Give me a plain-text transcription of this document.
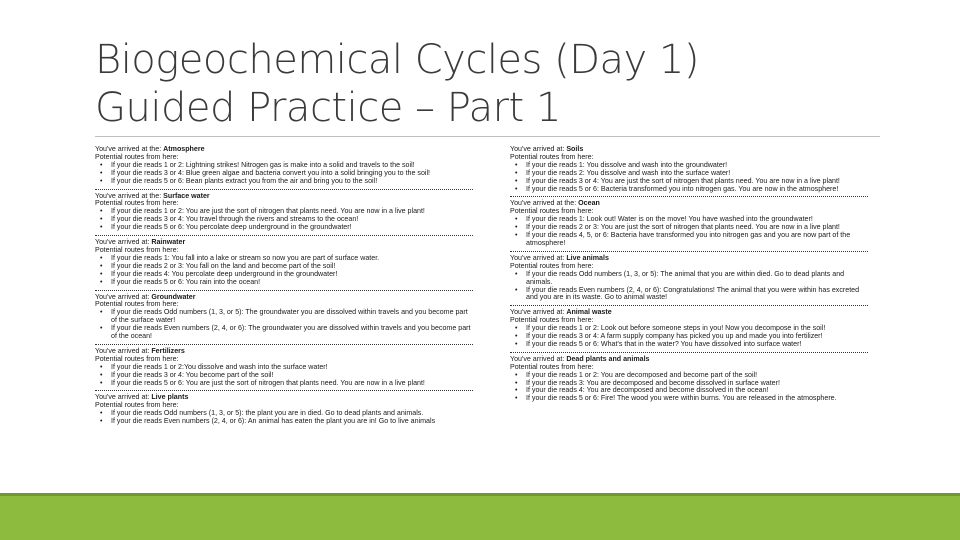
Biogeochemical Cycles (Day 1)
Guided Practice – Part 1
You've arrived at the: Atmosphere
Potential routes from here:
• If your die reads 1 or 2: Lightning strikes! Nitrogen gas is make into a solid and travels to the soil!
• If your die reads 3 or 4: Blue green algae and bacteria convert you into a solid bringing you to the soil!
• If your die reads 5 or 6: Bean plants extract you from the air and bring you to the soil!
You've arrived at the: Surface water
Potential routes from here:
• If your die reads 1 or 2: You are just the sort of nitrogen that plants need. You are now in a live plant!
• If your die reads 3 or 4: You travel through the rivers and streams to the ocean!
• If your die reads 5 or 6: You percolate deep underground in the groundwater!
You've arrived at: Rainwater
Potential routes from here:
• If your die reads 1: You fall into a lake or stream so now you are part of surface water.
• If your die reads 2 or 3: You fall on the land and become part of the soil!
• If your die reads 4: You percolate deep underground in the groundwater!
• If your die reads 5 or 6: You rain into the ocean!
You've arrived at: Groundwater
Potential routes from here:
• If your die reads Odd numbers (1, 3, or 5): The groundwater you are dissolved within travels and you become part of the surface water!
• If your die reads Even numbers (2, 4, or 6): The groundwater you are dissolved within travels and you become part of the ocean!
You've arrived at: Fertilizers
Potential routes from here:
• If your die reads 1 or 2:You dissolve and wash into the surface water!
• If your die reads 3 or 4: You become part of the soil!
• If your die reads 5 or 6: You are just the sort of nitrogen that plants need. You are now in a live plant!
You've arrived at: Live plants
Potential routes from here:
• If your die reads Odd numbers (1, 3, or 5): the plant you are in died. Go to dead plants and animals.
• If your die reads Even numbers (2, 4, or 6): An animal has eaten the plant you are in! Go to live animals
You've arrived at: Soils
Potential routes from here:
• If your die reads 1: You dissolve and wash into the groundwater!
• If your die reads 2: You dissolve and wash into the surface water!
• If your die reads 3 or 4: You are just the sort of nitrogen that plants need. You are now in a live plant!
• If your die reads 5 or 6: Bacteria transformed you into nitrogen gas. You are now in the atmosphere!
You've arrived at the: Ocean
Potential routes from here:
• If your die reads 1: Look out! Water is on the move! You have washed into the groundwater!
• If your die reads 2 or 3: You are just the sort of nitrogen that plants need. You are now in a live plant!
• If your die reads 4, 5, or 6: Bacteria have transformed you into nitrogen gas and you are now part of the atmosphere!
You've arrived at: Live animals
Potential routes from here:
• If your die reads Odd numbers (1, 3, or 5): The animal that you are within died. Go to dead plants and animals.
• If your die reads Even numbers (2, 4, or 6): Congratulations! The animal that you were within has excreted and you are in its waste. Go to animal waste!
You've arrived at: Animal waste
Potential routes from here:
• If your die reads 1 or 2: Look out before someone steps in you! Now you decompose in the soil!
• If your die reads 3 or 4: A farm supply company has picked you up and made you into fertilizer!
• If your die reads 5 or 6: What's that in the water? You have dissolved into surface water!
You've arrived at: Dead plants and animals
Potential routes from here:
• If your die reads 1 or 2: You are decomposed and become part of the soil!
• If your die reads 3: You are decomposed and become dissolved in surface water!
• If your die reads 4: You are decomposed and become dissolved in the ocean!
• If your die reads 5 or 6: Fire! The wood you were within burns. You are released in the atmosphere.
